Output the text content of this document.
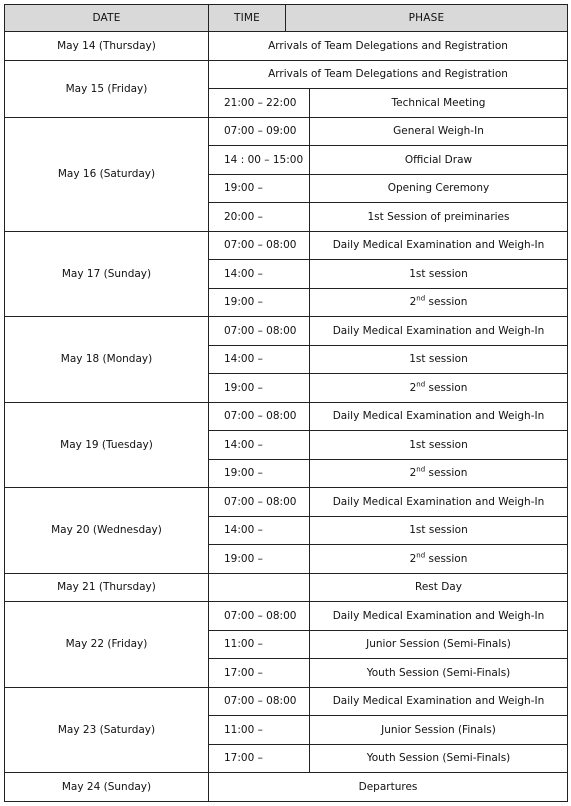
DATE	TIME	PHASE	
May 14 (Thursday)	Arrivals of Team Delegations and Registration		
May 15 (Friday)	Arrivals of Team Delegations and Registration		
	21:00 – 22:00		Technical Meeting
May 16 (Saturday)	07:00 – 09:00		General Weigh-In
	14 : 00 – 15:00		Official Draw
	19:00 –		Opening Ceremony
	20:00 –		1st Session of preiminaries
May 17 (Sunday)	07:00 – 08:00		Daily Medical Examination and Weigh-In
	14:00 –		1st session
	19:00 –		2nd session
May 18 (Monday)	07:00 – 08:00		Daily Medical Examination and Weigh-In
	14:00 –		1st session
	19:00 –		2nd session
May 19 (Tuesday)	07:00 – 08:00		Daily Medical Examination and Weigh-In
	14:00 –		1st session
	19:00 –		2nd session
May 20 (Wednesday)	07:00 – 08:00		Daily Medical Examination and Weigh-In
	14:00 –		1st session
	19:00 –		2nd session
May 21 (Thursday)			Rest Day
May 22 (Friday)	07:00 – 08:00		Daily Medical Examination and Weigh-In
	11:00 –		Junior Session (Semi-Finals)
	17:00 –		Youth Session (Semi-Finals)
May 23 (Saturday)	07:00 – 08:00		Daily Medical Examination and Weigh-In
	11:00 –		Junior Session (Finals)
	17:00 –		Youth Session (Semi-Finals)
May 24 (Sunday)	Departures		
